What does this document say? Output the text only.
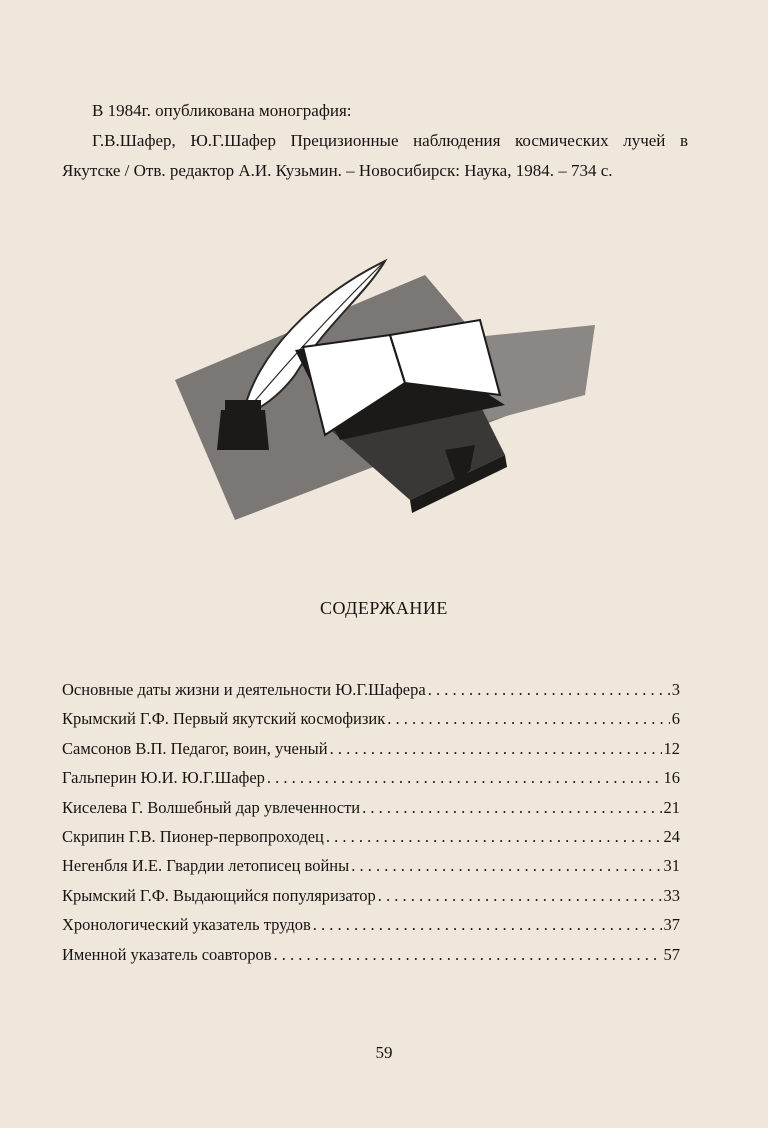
В 1984г. опубликована монография:

Г.В.Шафер, Ю.Г.Шафер Прецизионные наблюдения космических лучей в Якутске / Отв. редактор А.И. Кузьмин. – Новосибирск: Наука, 1984. – 734 с.

СОДЕРЖАНИЕ
Основные даты жизни и деятельности Ю.Г.Шафера . . .	3
Крымский Г.Ф. Первый якутский космофизик . . .	6
Самсонов В.П. Педагог, воин, ученый . . .	12
Гальперин Ю.И. Ю.Г.Шафер . . .	16
Киселева Г. Волшебный дар увлеченности . . .	21
Скрипин Г.В. Пионер-первопроходец . . .	24
Негенбля И.Е. Гвардии летописец войны . . .	31
Крымский Г.Ф. Выдающийся популяризатор . . .	33
Хронологический указатель трудов . . .	37
Именной указатель соавторов . . .	57
59
